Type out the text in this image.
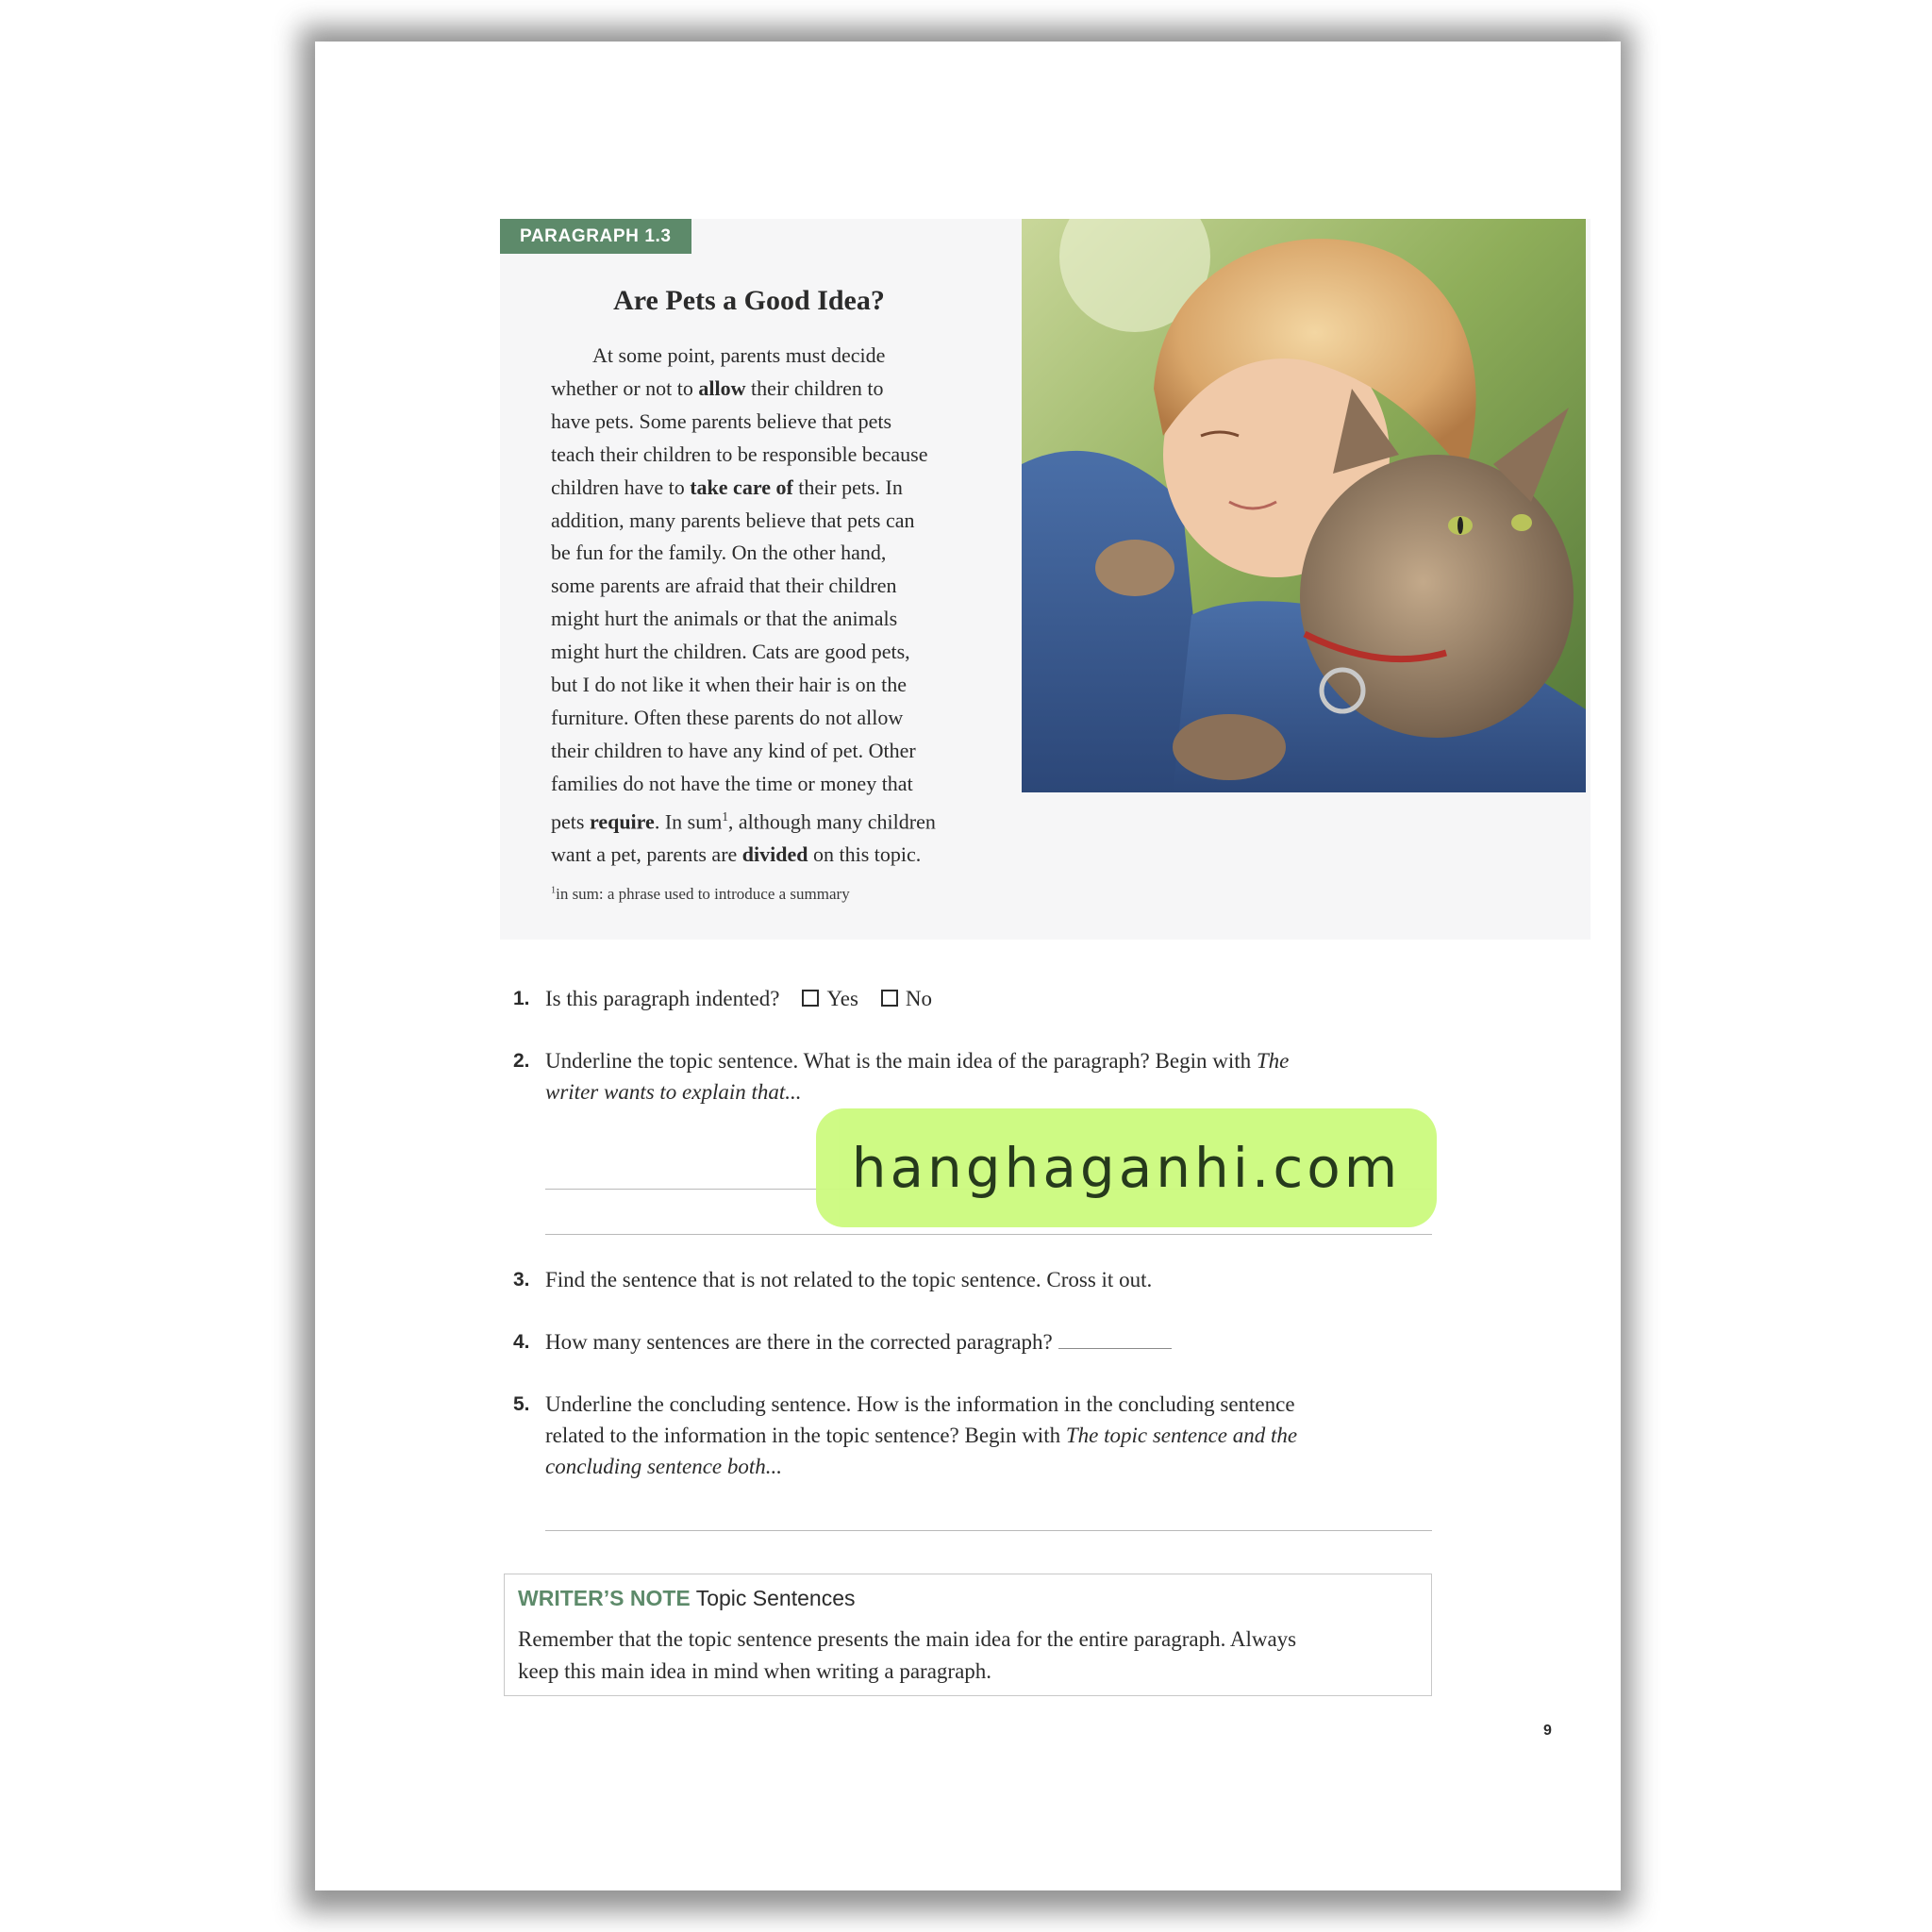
PARAGRAPH 1.3
Are Pets a Good Idea?

At some point, parents must decide
whether or not to allow their children to
have pets. Some parents believe that pets
teach their children to be responsible because
children have to take care of their pets. In
addition, many parents believe that pets can
be fun for the family. On the other hand,
some parents are afraid that their children
might hurt the animals or that the animals
might hurt the children. Cats are good pets,
but I do not like it when their hair is on the
furniture. Often these parents do not allow
their children to have any kind of pet. Other
families do not have the time or money that
pets require. In sum$^1$, although many children
want a pet, parents are divided on this topic.

$^1$in sum: a phrase used to introduce a summary
1. Is this paragraph indented? Yes No
2. Underline the topic sentence. What is the main idea of the paragraph? Begin with The
writer wants to explain that...
3. Find the sentence that is not related to the topic sentence. Cross it out.
4. How many sentences are there in the corrected paragraph?
5. Underline the concluding sentence. How is the information in the concluding sentence
related to the information in the topic sentence? Begin with The topic sentence and the
concluding sentence both...
WRITER’S NOTE Topic Sentences
Remember that the topic sentence presents the main idea for the entire paragraph. Always
keep this main idea in mind when writing a paragraph.
9
hanghaganhi.com
